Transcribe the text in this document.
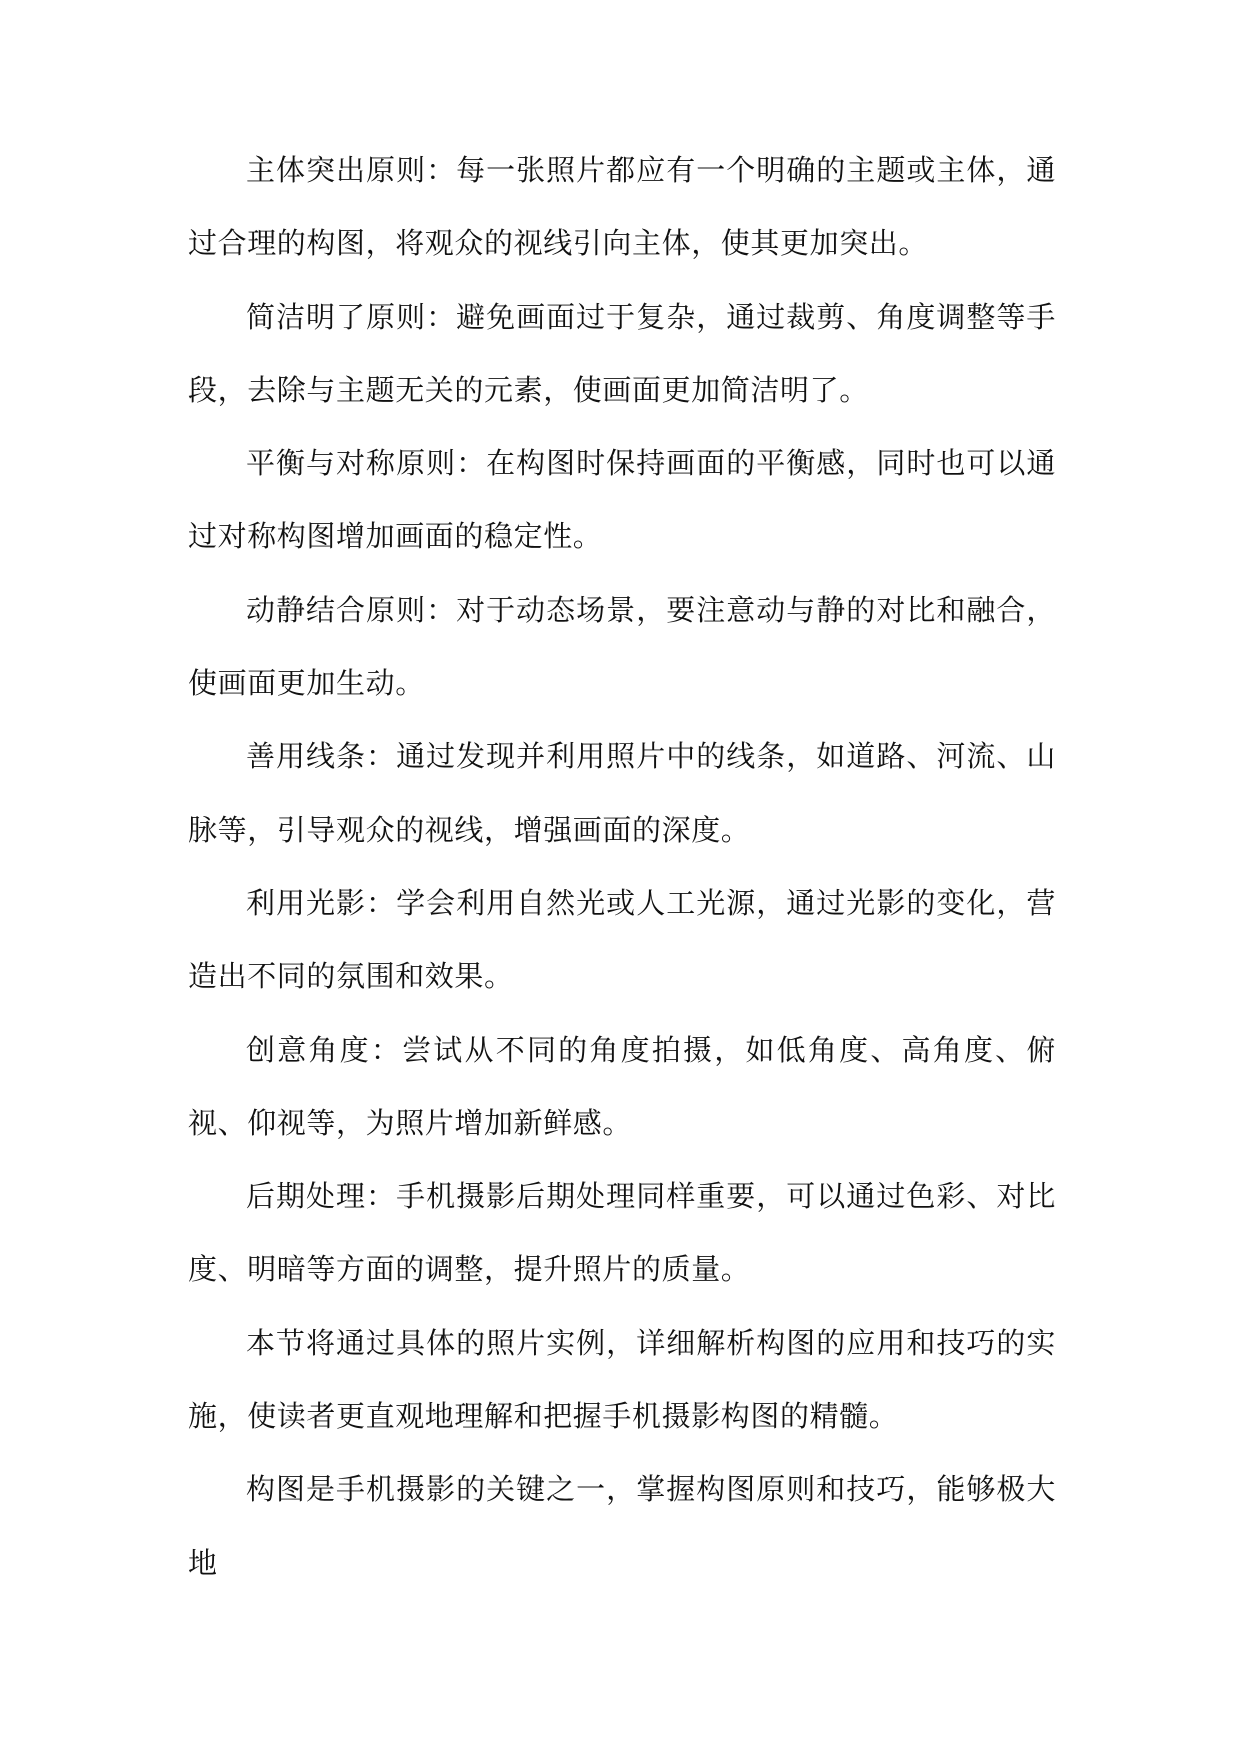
主体突出原则：每一张照片都应有一个明确的主题或主体，通过合理的构图，将观众的视线引向主体，使其更加突出。

简洁明了原则：避免画面过于复杂，通过裁剪、角度调整等手段，去除与主题无关的元素，使画面更加简洁明了。

平衡与对称原则：在构图时保持画面的平衡感，同时也可以通过对称构图增加画面的稳定性。

动静结合原则：对于动态场景，要注意动与静的对比和融合，使画面更加生动。

善用线条：通过发现并利用照片中的线条，如道路、河流、山脉等，引导观众的视线，增强画面的深度。

利用光影：学会利用自然光或人工光源，通过光影的变化，营造出不同的氛围和效果。

创意角度：尝试从不同的角度拍摄，如低角度、高角度、俯视、仰视等，为照片增加新鲜感。

后期处理：手机摄影后期处理同样重要，可以通过色彩、对比度、明暗等方面的调整，提升照片的质量。

本节将通过具体的照片实例，详细解析构图的应用和技巧的实施，使读者更直观地理解和把握手机摄影构图的精髓。

构图是手机摄影的关键之一，掌握构图原则和技巧，能够极大地
